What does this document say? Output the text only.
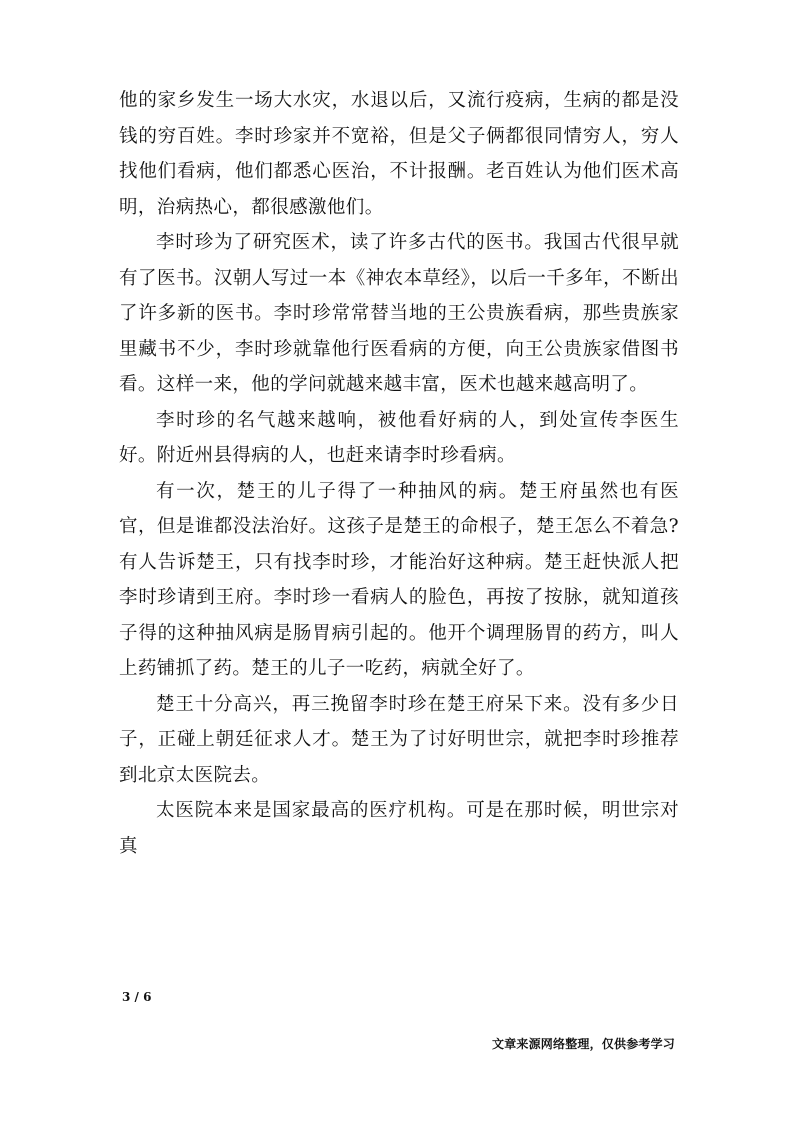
他的家乡发生一场大水灾，水退以后，又流行疫病，生病的都是没钱的穷百姓。李时珍家并不宽裕，但是父子俩都很同情穷人，穷人找他们看病，他们都悉心医治，不计报酬。老百姓认为他们医术高明，治病热心，都很感激他们。

李时珍为了研究医术，读了许多古代的医书。我国古代很早就有了医书。汉朝人写过一本《神农本草经》，以后一千多年，不断出了许多新的医书。李时珍常常替当地的王公贵族看病，那些贵族家里藏书不少，李时珍就靠他行医看病的方便，向王公贵族家借图书看。这样一来，他的学问就越来越丰富，医术也越来越高明了。

李时珍的名气越来越响，被他看好病的人，到处宣传李医生好。附近州县得病的人，也赶来请李时珍看病。

有一次，楚王的儿子得了一种抽风的病。楚王府虽然也有医官，但是谁都没法治好。这孩子是楚王的命根子，楚王怎么不着急?有人告诉楚王，只有找李时珍，才能治好这种病。楚王赶快派人把李时珍请到王府。李时珍一看病人的脸色，再按了按脉，就知道孩子得的这种抽风病是肠胃病引起的。他开个调理肠胃的药方，叫人上药铺抓了药。楚王的儿子一吃药，病就全好了。

楚王十分高兴，再三挽留李时珍在楚王府呆下来。没有多少日子，正碰上朝廷征求人才。楚王为了讨好明世宗，就把李时珍推荐到北京太医院去。

太医院本来是国家最高的医疗机构。可是在那时候，明世宗对真

3 / 6
文章来源网络整理，仅供参考学习
